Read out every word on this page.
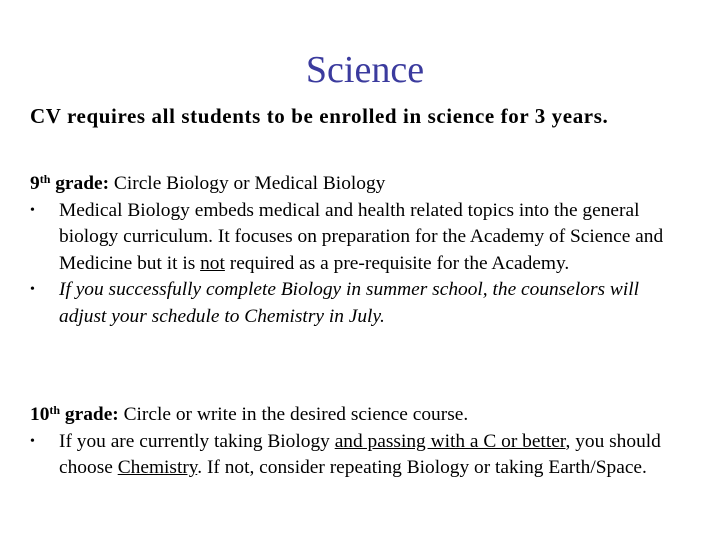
Science
CV requires all students to be enrolled in science for 3 years.

9th grade: Circle Biology or Medical Biology

• Medical Biology embeds medical and health related topics into the general biology curriculum. It focuses on preparation for the Academy of Science and Medicine but it is not required as a pre-requisite for the Academy.
• If you successfully complete Biology in summer school, the counselors will adjust your schedule to Chemistry in July.

10th grade: Circle or write in the desired science course.

• If you are currently taking Biology and passing with a C or better, you should choose Chemistry. If not, consider repeating Biology or taking Earth/Space.
